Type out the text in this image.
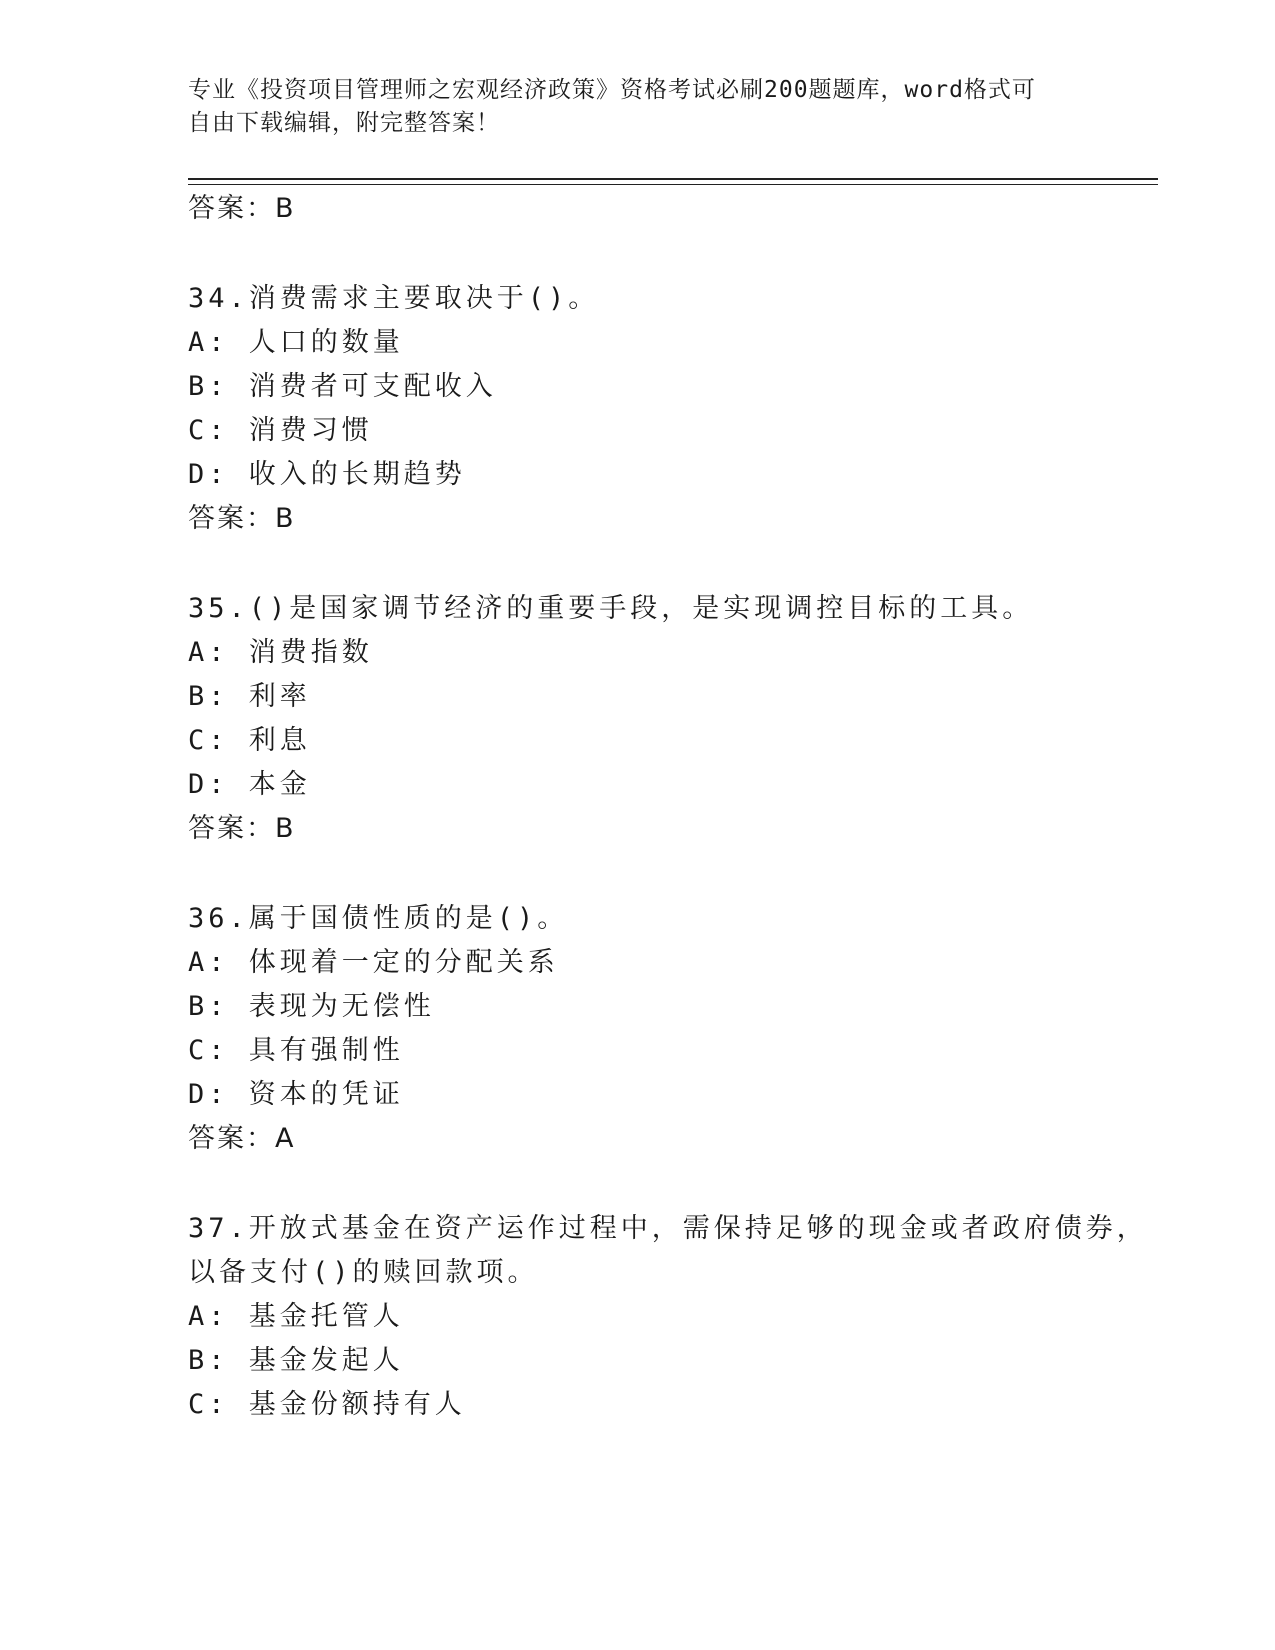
专业《投资项目管理师之宏观经济政策》资格考试必刷200题题库，word格式可
自由下载编辑，附完整答案！
答案：B
34.消费需求主要取决于()。
A: 人口的数量
B: 消费者可支配收入
C: 消费习惯
D: 收入的长期趋势
答案：B
35.()是国家调节经济的重要手段，是实现调控目标的工具。
A: 消费指数
B: 利率
C: 利息
D: 本金
答案：B
36.属于国债性质的是()。
A: 体现着一定的分配关系
B: 表现为无偿性
C: 具有强制性
D: 资本的凭证
答案：A
37.开放式基金在资产运作过程中，需保持足够的现金或者政府债券，
以备支付()的赎回款项。
A: 基金托管人
B: 基金发起人
C: 基金份额持有人
